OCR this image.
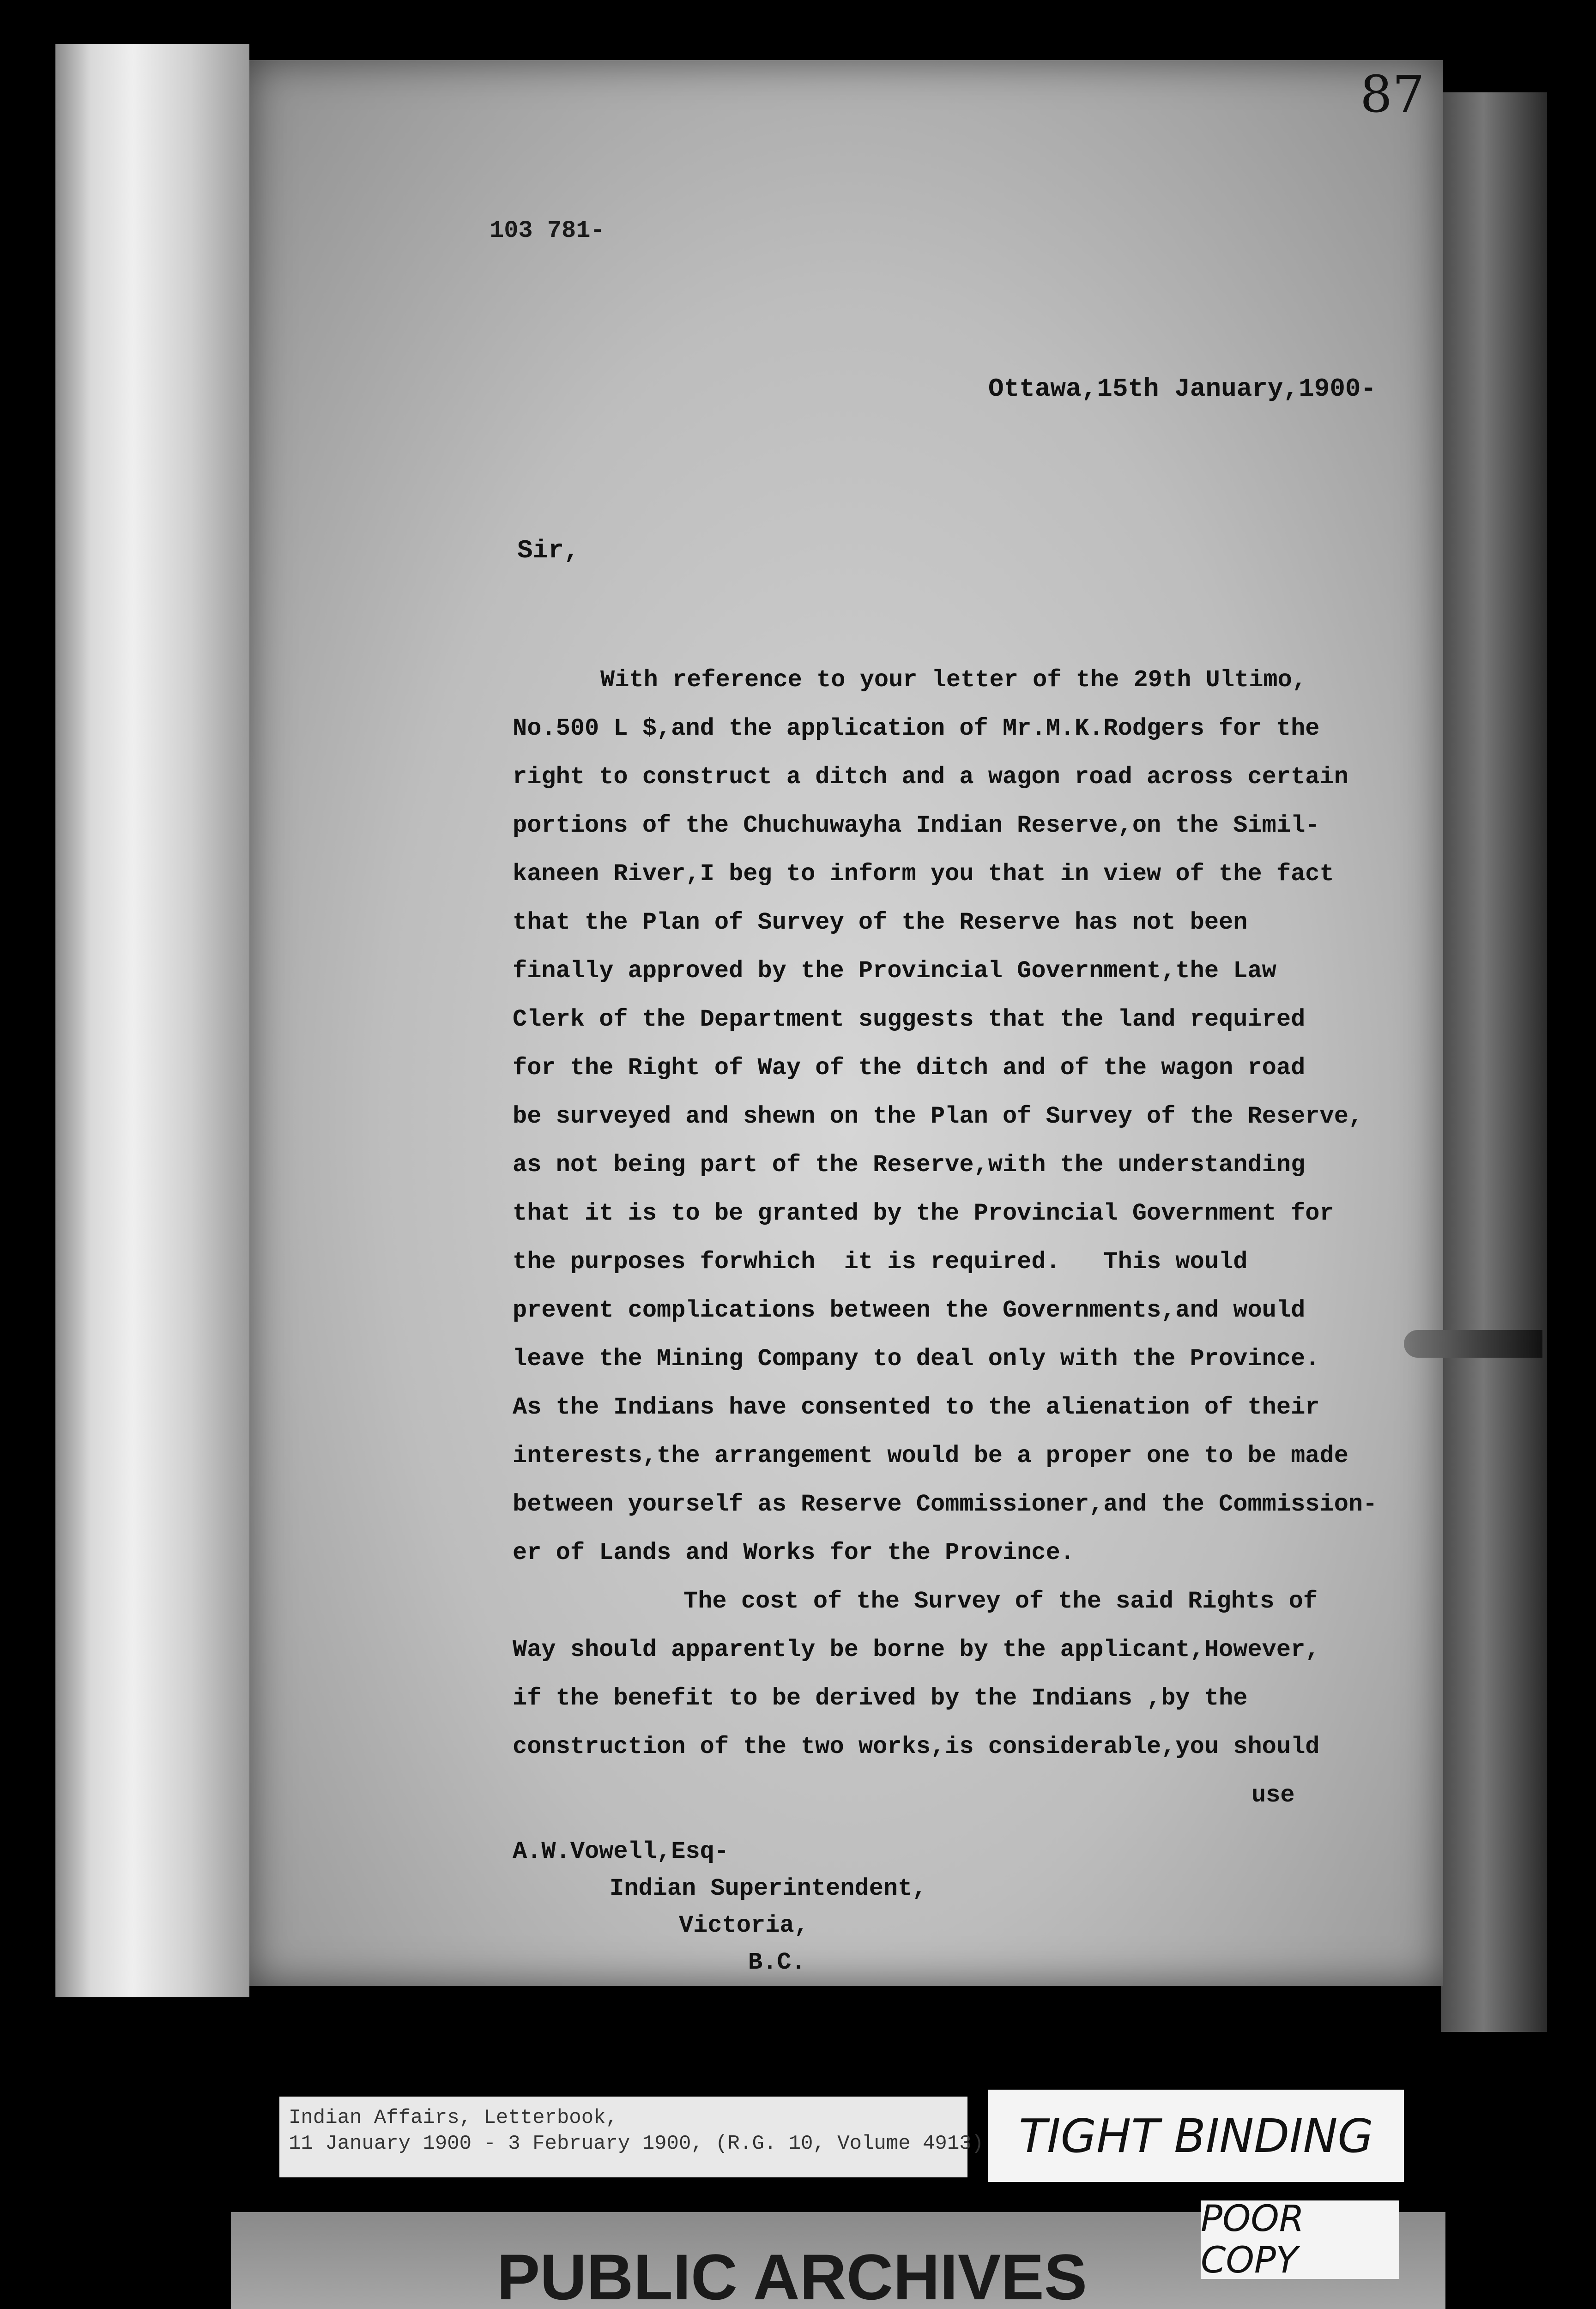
87
103 781-
Ottawa,15th January,1900-
Sir,
With reference to your letter of the 29th Ultimo,
No.500 L $,and the application of Mr.M.K.Rodgers for the
right to construct a ditch and a wagon road across certain
portions of the Chuchuwayha Indian Reserve,on the Simil-
kaneen River,I beg to inform you that in view of the fact
that the Plan of Survey of the Reserve has not been
finally approved by the Provincial Government,the Law
Clerk of the Department suggests that the land required
for the Right of Way of the ditch and of the wagon road
be surveyed and shewn on the Plan of Survey of the Reserve,
as not being part of the Reserve,with the understanding
that it is to be granted by the Provincial Government for
the purposes forwhich  it is required.   This would
prevent complications between the Governments,and would
leave the Mining Company to deal only with the Province.
As the Indians have consented to the alienation of their
interests,the arrangement would be a proper one to be made
between yourself as Reserve Commissioner,and the Commission-
er of Lands and Works for the Province.
The cost of the Survey of the said Rights of
Way should apparently be borne by the applicant,However,
if the benefit to be derived by the Indians ,by the
construction of the two works,is considerable,you should
use
A.W.Vowell,Esq-
Indian Superintendent,
Victoria,
B.C.
Indian Affairs, Letterbook,
11 January 1900 - 3 February 1900, (R.G. 10, Volume 4913) TIGHT BINDING
PUBLIC ARCHIVES
POOR COPY
